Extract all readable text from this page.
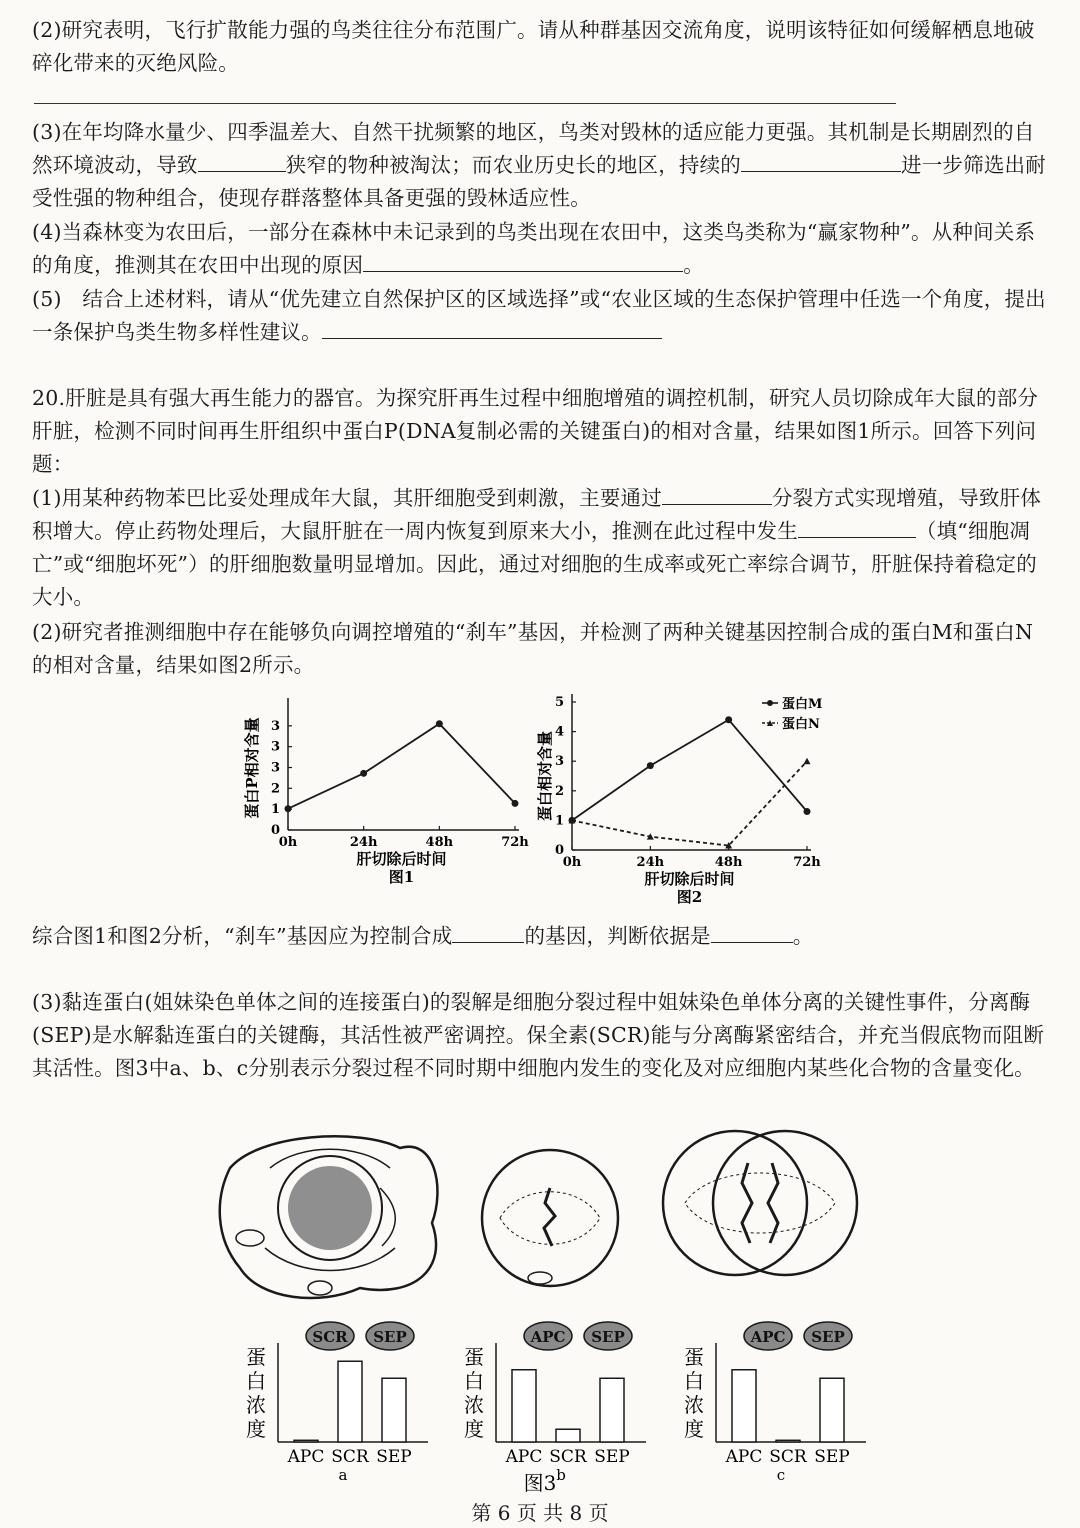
(2)研究表明，飞行扩散能力强的鸟类往往分布范围广。请从种群基因交流角度，说明该特征如何缓解栖息地破碎化带来的灭绝风险。

(3)在年均降水量少、四季温差大、自然干扰频繁的地区，鸟类对毁林的适应能力更强。其机制是长期剧烈的自然环境波动，导致	狭窄的物种被淘汰；而农业历史长的地区，持续的	进一步筛选出耐受性强的物种组合，使现存群落整体具备更强的毁林适应性。

(4)当森林变为农田后，一部分在森林中未记录到的鸟类出现在农田中，这类鸟类称为“赢家物种”。从种间关系的角度，推测其在农田中出现的原因	。

(5)　结合上述材料，请从“优先建立自然保护区的区域选择”或“农业区域的生态保护管理中任选一个角度，提出一条保护鸟类生物多样性建议。

20.肝脏是具有强大再生能力的器官。为探究肝再生过程中细胞增殖的调控机制，研究人员切除成年大鼠的部分肝脏，检测不同时间再生肝组织中蛋白P(DNA复制必需的关键蛋白)的相对含量，结果如图1所示。回答下列问题：

(1)用某种药物苯巴比妥处理成年大鼠，其肝细胞受到刺激，主要通过	分裂方式实现增殖，导致肝体积增大。停止药物处理后，大鼠肝脏在一周内恢复到原来大小，推测在此过程中发生	（填“细胞凋亡”或“细胞坏死”）的肝细胞数量明显增加。因此，通过对细胞的生成率或死亡率综合调节，肝脏保持着稳定的大小。

(2)研究者推测细胞中存在能够负向调控增殖的“刹车”基因，并检测了两种关键基因控制合成的蛋白M和蛋白N的相对含量，结果如图2所示。

0
1
2
3
3
3
0h	24h	48h	72h
蛋白P相对含量
肝切除后时间
图1
0
1
2
3
4
5
0h	24h	48h	72h
蛋白相对含量
肝切除后时间
图2
蛋白M
蛋白N

综合图1和图2分析，“刹车”基因应为控制合成	的基因，判断依据是	。

(3)黏连蛋白(姐妹染色单体之间的连接蛋白)的裂解是细胞分裂过程中姐妹染色单体分离的关键性事件，分离酶(SEP)是水解黏连蛋白的关键酶，其活性被严密调控。保全素(SCR)能与分离酶紧密结合，并充当假底物而阻断其活性。图3中a、b、c分别表示分裂过程不同时期中细胞内发生的变化及对应细胞内某些化合物的含量变化。

SCR SEP
蛋
白
浓
度
APC SCR SEP
a
APC SEP
蛋
白
浓
度
APC SCR SEP
b
APC SEP
蛋
白
浓
度
APC SCR SEP
c
图3
第 6 页 共 8 页
